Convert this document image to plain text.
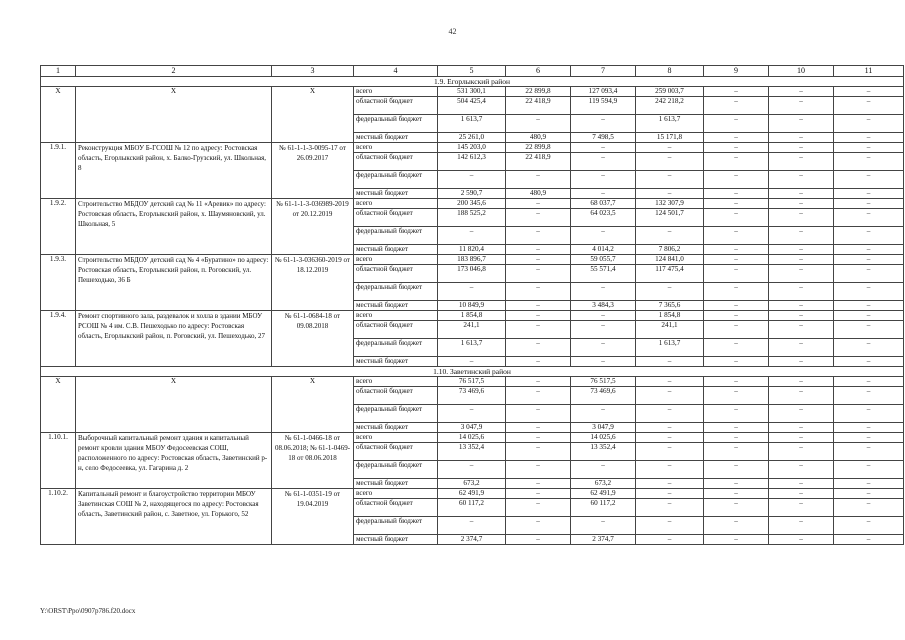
42
1	2	3	4	5	6	7	8	9	10	11
1.9. Егорлыкский район										
X	X	X	всего	531 300,1	22 899,8	127 093,4	259 003,7	–	–	–
			областной бюджет	504 425,4	22 418,9	119 594,9	242 218,2	–	–	–
			федеральный бюджет	1 613,7	–	–	1 613,7	–	–	–
			местный бюджет	25 261,0	480,9	7 498,5	15 171,8	–	–	–
1.9.1.	Реконструкция МБОУ Б-ГСОШ № 12 по адресу: Ростовская область, Егорлыкский район, х. Балко-Грузский, ул. Школьная, 8	№ 61-1-1-3-0095-17 от 26.09.2017	всего	145 203,0	22 899,8	–	–	–	–	–
			областной бюджет	142 612,3	22 418,9	–	–	–	–	–
			федеральный бюджет	–	–	–	–	–	–	–
			местный бюджет	2 590,7	480,9	–	–	–	–	–
1.9.2.	Строительство МБДОУ детский сад № 11 «Аревик» по адресу: Ростовская область, Егорлыкский район, х. Шаумяновский, ул. Школьная, 5	№ 61-1-1-3-036989-2019 от 20.12.2019	всего	200 345,6	–	68 037,7	132 307,9	–	–	–
			областной бюджет	188 525,2	–	64 023,5	124 501,7	–	–	–
			федеральный бюджет	–	–	–	–	–	–	–
			местный бюджет	11 820,4	–	4 014,2	7 806,2	–	–	–
1.9.3.	Строительство МБДОУ детский сад № 4 «Буратино» по адресу: Ростовская область, Егорлыкский район, п. Роговский, ул. Пешеходько, 36 Б	№ 61-1-3-036360-2019 от 18.12.2019	всего	183 896,7	–	59 055,7	124 841,0	–	–	–
			областной бюджет	173 046,8	–	55 571,4	117 475,4	–	–	–
			федеральный бюджет	–	–	–	–	–	–	–
			местный бюджет	10 849,9	–	3 484,3	7 365,6	–	–	–
1.9.4.	Ремонт спортивного зала, раздевалок и холла в здании МБОУ РСОШ № 4 им. С.В. Пешеходько по адресу: Ростовская область, Егорлыкский район, п. Роговский, ул. Пешеходько, 27	№ 61-1-0684-18 от 09.08.2018	всего	1 854,8	–	–	1 854,8	–	–	–
			областной бюджет	241,1	–	–	241,1	–	–	–
			федеральный бюджет	1 613,7	–	–	1 613,7	–	–	–
			местный бюджет	–	–	–	–	–	–	–
1.10. Заветинский район										
X	X	X	всего	76 517,5	–	76 517,5	–	–	–	–
			областной бюджет	73 469,6	–	73 469,6	–	–	–	–
			федеральный бюджет	–	–	–	–	–	–	–
			местный бюджет	3 047,9	–	3 047,9	–	–	–	–
1.10.1.	Выборочный капитальный ремонт здания и капитальный ремонт кровли здания МБОУ Федосеевская СОШ, расположенного по адресу: Ростовская область, Заветинский р-н, село Федосеевка, ул. Гагарина д. 2	№ 61-1-0466-18 от 08.06.2018; № 61-1-0469-18 от 08.06.2018	всего	14 025,6	–	14 025,6	–	–	–	–
			областной бюджет	13 352,4	–	13 352,4	–	–	–	–
			федеральный бюджет	–	–	–	–	–	–	–
			местный бюджет	673,2	–	673,2	–	–	–	–
1.10.2.	Капитальный ремонт и благоустройство территории МБОУ Заветинская СОШ № 2, находящегося по адресу: Ростовская область, Заветинский район, с. Заветное, ул. Горького, 52	№ 61-1-0351-19 от 19.04.2019	всего	62 491,9	–	62 491,9	–	–	–	–
			областной бюджет	60 117,2	–	60 117,2	–	–	–	–
			федеральный бюджет	–	–	–	–	–	–	–
			местный бюджет	2 374,7	–	2 374,7	–	–	–	–
Y:\ORST\Ppo\0907p786.f20.docx
